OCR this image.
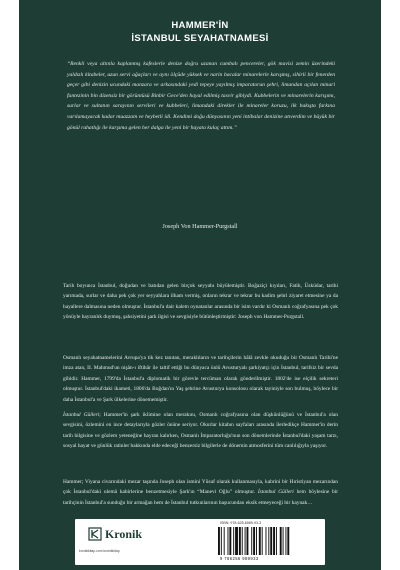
HAMMER'İN
İSTANBUL SEYAHATNAMESİ
“Renkli veya altınla kaplanmış kafeslerle denize doğru uzanan cumbalı pencereler, gök mavisi zemin üzerindeki yaldızlı kitabeler, uzun servi ağaçları ve aynı ölçüde yüksek ve narin bacalar minarelerle karışmış, sihirli bir fenerden geçer gibi denizin ucundaki manzara ve arkasındaki yedi tepeye yayılmış imparatorun şehri, limandan açılan minari fantezinin bin dizensiz bir görüntüsü Binbir Gece'den hayal edilmiş tasvir gibiydi. Kubbelerin ve minarelerin karışımı, surlar ve sultanın sarayının servileri ve kubbeleri, limandaki direkler ile minareler koruzu, ilk bakışta farkına varılamayacak kadar muazzam ve heybetli idi. Kendimi doğu dünyasının yeni intibalar denizine atıverdim ve büyük bir gönül rahatlığı ile karşıma gelen her dalga ile yeni bir hayata kulaç attım.”
Joseph Von Hammer-Purgstall

Tarih boyunca İstanbul, doğudan ve batıdan gelen birçok seyyahı büyülemiştir. Boğaziçi kıyıları, Fatih, Üsküdar, tarihi yarımada, surlar ve daha pek çok yer seyyahlara ilham vermiş, onların tekrar ve tekrar bu kadim şehri ziyaret etmesine ya da hayallere dalmasına neden olmuştur. İstanbul'a dair kalem oynatanlar arasında bir isim vardır ki Osmanlı coğrafyasına pek çok yönüyle hayranlık duymuş, şahsiyetini şark ilgisi ve sevgisiyle bütünleştirmiştir: Joseph von Hammer-Purgstall.

Osmanlı seyahatnamelerini Avrupa'ya tik kez tanıtan, meraklıların ve tarihçilerin hâlâ zevkle okuduğu bir Osmanlı Tarihi'ne imza atan, II. Mahmud'un nişân-ı iftihâr ile taltif ettiği bu dünyaca ünlü Avusturyalı şarkiyatçı için İstanbul, tarifsiz bir sevda gibidir. Hammer, 1799'da İstanbul'a diplomatik bir görevle tercüman olarak gönderilmiştir. 1802'de ise elçilik sekreteri olmuştur. İstanbul'daki ikameti, 1806'da Boğdan'ın Yaş şehrine Avusturya konsolosu olarak tayiniyle son bulmuş, böylece bir daha İstanbul'a ve Şark ülkelerine dönememiştir.

İstanbul Gülleri; Hammer'in şark iklimine olan merakını, Osmanlı coğrafyasına olan düşkünlüğünü ve İstanbul'a olan sevgisini, özlemini en ince detaylarıyla gözler önüne seriyor. Okurlar kitabın sayfaları arasında ilerledikçe Hammer'in derin tarih bilgisine ve gözlem yeteneğine hayran kalırken, Osmanlı İmparatorluğu'nun son dönemlerinde İstanbul'daki yaşam tarzı, sosyal hayat ve günlük ratinler hakkında elde edeceği benzersiz bilgilerle de dönemin atmosferini tüm canlılığıyla yaşıyor.

Hammer; Viyana civarındaki mezar taşında Joseph olan ismini Yûsuf olarak kullanmasıyla, kabrini bir Hıristiyan mezarından çok İstanbul'daki ulemâ kabirlerine benzetmesiyle Şark'ın “Manevi Oğlu” olmuştur. İstanbul Gülleri hem böylesine bir tarihçinin İstanbul'a sunduğu bir armağan hem de İstanbul tutkunlarının başucundan eksik etmeyeceği bir kaynak…

Kronik
kronikkitap.com kronikkitap
ISBN: 978-625-6989-93-3
9 786256 989933
